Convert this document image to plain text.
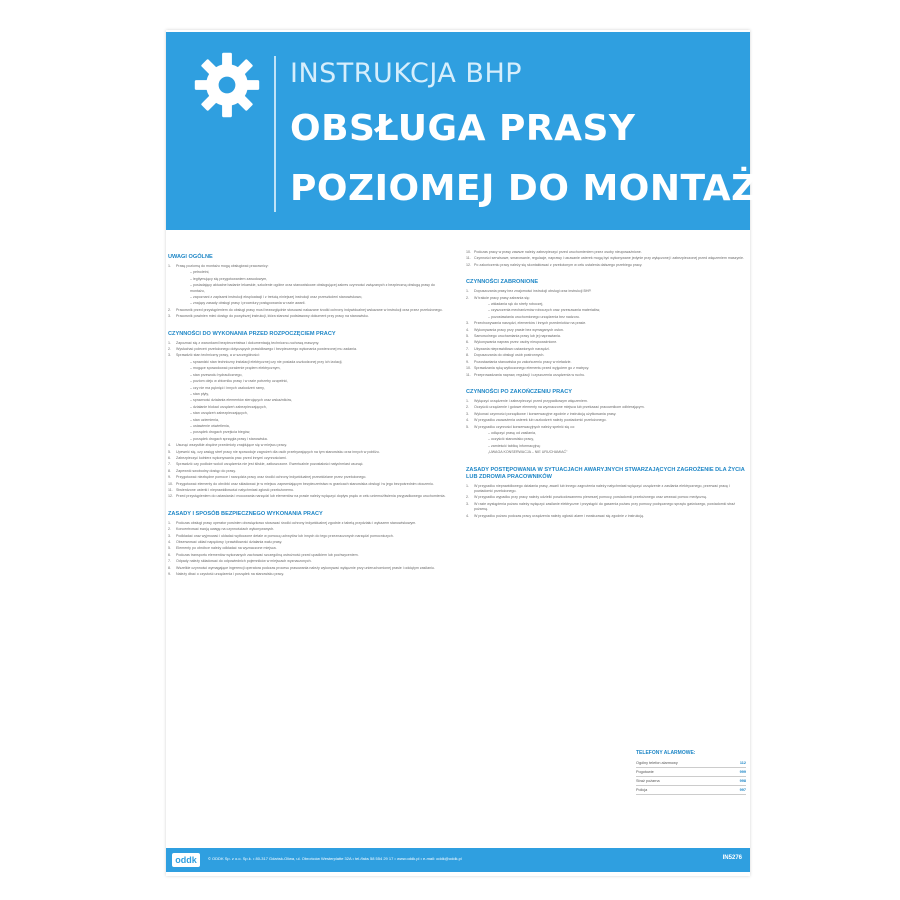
INSTRUKCJA BHP
OBSŁUGA PRASY
POZIOMEJ DO MONTAŻU
UWAGI OGÓLNE
1.	Prasę poziomą do montażu mogą obsługiwać pracownicy:
– pełnoletni,
– legitymujący się przygotowaniem zawodowym,
– posiadający aktualne badanie lekarskie, szkolenie ogólne oraz stanowiskowe obsługującej zakres czynności związanych z bezpieczną obsługą prasy do montażu,
– zapoznani z zapisami instrukcji eksploatacji i z treścią niniejszej instrukcji oraz przeszkoleni stanowiskowo,
– znający zasady obsługi prasy i procedury postępowania w razie awarii.
2.	Pracownik przed przystąpieniem do obsługi prasy musi bezwzględnie stosować nakazane środki ochrony indywidualnej wskazane w instrukcji oraz przez przełożonego.
3.	Pracownik powinien mieć dostęp do powyższej instrukcji, która stanowi podstawowy dokument przy pracy na stanowisku.
CZYNNOŚCI DO WYKONANIA PRZED ROZPOCZĘCIEM PRACY
1.	Zapoznać się z warunkami bezpieczeństwa i dokumentacją techniczno-ruchową maszyny.
2.	Wysłuchać poleceń przełożonego dotyczących prawidłowego i bezpiecznego wykonania powierzonej mu zadania.
3.	Sprawdzić stan techniczny prasy, a w szczególności:
– sprawdzić stan techniczny instalacji elektrycznej czy nie posiada uszkodzonej przy ich izolacji,
– mogące spowodować porażenie prądem elektrycznym,
– stan przewodu hydraulicznego,
– poziom oleju w zbiorniku prasy i w razie potrzeby uzupełnić,
– czy nie ma pęknięć i innych uszkodzeń ramy,
– stan płyty,
– sprawność działania elementów sterujących oraz wskaźników,
– działanie blokad urządzeń zabezpieczających,
– stan urządzeń zabezpieczających,
– stan uziemienia,
– ustawienie oświetlenia,
– porządek drogach przejścia biegów,
– porządek drogach sprzęgła prasy i stanowiska.
4.	Usunąć wszystkie zbędne przedmioty znajdujące się w miejscu pracy.
5.	Upewnić się, czy zasięg stref pracy nie spowoduje zagrożeń dla osób przebywających na tym stanowisku oraz innych w pobliżu.
6.	Zabezpieczyć kołnierz wykonywania prac przed innymi czynnościami.
7.	Sprawdzić czy podłoże wokół urządzenia nie jest śliskie, zatłuszczone. Ewentualnie pozostałości natychmiast usunąć.
8.	Zapewnić swobodny dostęp do prasy.
9.	Przygotować niezbędne pomoce i narzędzia pracy oraz środki ochrony indywidualnej przewidziane przez przełożonego.
10. Przygotować elementy do obróbki oraz składować je w miejscu zapewniającym bezpieczeństwo w granicach stanowiska obsługi i w jego bezpośrednim otoczeniu.
11. Stwierdzone usterki i nieprawidłowości natychmiast zgłosić przełożonemu.
12. Przed przystąpieniem do ustawiania i mocowania narzędzi lub elementów na prasie należy wyłączyć dopływ prądu w celu uniemożliwienia przypadkowego uruchomienia.
ZASADY I SPOSÓB BEZPIECZNEGO WYKONANIA PRACY
1.	Podczas obsługi prasy operator powinien obowiązkowo stosować środki ochrony indywidualnej zgodnie z tabelą przydziału i wykazem stanowiskowym.
2.	Koncentrować swoją uwagę na czynnościach wykonywanych.
3.	Podkładać oraz wyjmować i układać wytłoczone detale w pomocą uchwytów lub innych do tego przeznaczonych narzędzi pomocniczych.
4.	Obserwować układ napędowy i prawidłowość działania wału prasy.
5.	Elementy po obróbce należy odkładać na wyznaczone miejsca.
6.	Podczas transportu elementów wykonanych zachować szczególną ostrożność przed upadkiem lub pochwyceniem.
7.	Odpady należy składować do odpowiednich pojemników w miejscach wyznaczonych.
8.	Wszelkie czynności wymagające ingerencji operatora podczas procesu prasowania należy wykonywać wyłącznie przy unieruchomionej prasie i odciętym zasilaniu.
9.	Należy dbać o czystość urządzenia i porządek na stanowisku pracy.
10. Podczas pracy w prasy zawsze należy zabezpieczyć przed uruchomieniem przez osoby nieupoważnione.
11. Czynności serwisowe, smarowanie, regulacje, naprawy i usuwanie usterek mogą być wykonywane jedynie przy wyłączonej i zabezpieczonej przed włączeniem maszynie.
12. Po zakończeniu pracy należy się skontaktować z przełożonym w celu ustalenia dalszego przebiegu pracy.
CZYNNOŚCI ZABRONIONE
1.	Dopuszczania prasy bez znajomości instrukcji obsługi oraz instrukcji BHP.
2.	W trakcie pracy prasy zabrania się:
– wkładania rąk do strefy roboczej,
– czyszczenia mechanizmów roboczych oraz przesuwania materiałów,
– pozostawiania uruchomionego urządzenia bez nadzoru.
3.	Przechowywania narzędzi, elementów i innych przedmiotów na prasie.
4.	Wykonywania pracy przy prasie bez wymaganych osłon.
5.	Samowolnego uruchamiania prasy lub jej naprawiania.
6.	Wykonywania napraw przez osoby nieupoważnione.
7.	Używania nieprawidłowo ustawionych narzędzi.
8.	Dopuszczania do obsługi osób postronnych.
9.	Pozostawiania stanowiska po zakończeniu pracy w nieładzie.
10. Sprawdzania ręką wytłoczonego elementu przed wyjęciem go z matrycy.
11. Przeprowadzania napraw, regulacji i czyszczenia urządzenia w ruchu.
CZYNNOŚCI PO ZAKOŃCZENIU PRACY
1.	Wyłączyć urządzenie i zabezpieczyć przed przypadkowym włączeniem.
2.	Oczyścić urządzenie i gotowe elementy na wyznaczone miejsca lub przekazać pracownikom odbierającym.
3.	Wykonać czynności porządkowe i konserwacyjne zgodnie z instrukcją użytkowania prasy.
4.	W przypadku zauważenia usterek lub uszkodzeń należy powiadomić przełożonego.
5.	W przypadku czynności konserwacyjnych należy spełnić się co:
– odłączyć prasę od zasilania,
– oczyścić stanowisko pracy,
– zamieścić tablicę informacyjną:
„UWAGA KONSERWACJA – NIE URUCHAMIAĆ”
ZASADY POSTĘPOWANIA W SYTUACJACH AWARYJNYCH STWARZAJĄCYCH ZAGROŻENIE DLA ŻYCIA LUB ZDROWIA PRACOWNIKÓW
1.	W przypadku nieprawidłowego działania prasy, awarii lub innego zagrożenia należy natychmiast wyłączyć urządzenie z zasilania elektrycznego, przerwać pracę i powiadomić przełożonego.
2.	W przypadku wypadku przy pracy należy udzielić poszkodowanemu pierwszej pomocy, powiadomić przełożonego oraz wezwać pomoc medyczną.
3.	W razie wystąpienia pożaru należy wyłączyć zasilanie elektryczne i przystąpić do gaszenia pożaru przy pomocy podręcznego sprzętu gaśniczego, powiadomić straż pożarną.
4.	W przypadku pożaru podczas pracy urządzenia należy ogłosić alarm i ewakuować się zgodnie z instrukcją.
TELEFONY ALARMOWE:
Ogólny telefon alarmowy	112
Pogotowie	999
Straż pożarna	998
Policja	997
oddk	© ODDK Sp. z o.o. Sp.k. • 80-317 Gdańsk-Oliwa, ul. Obrońców Westerplatte 32A • tel./faks 58 554 29 17 • www.oddk.pl • e-mail: oddk@oddk.pl	IN5276
